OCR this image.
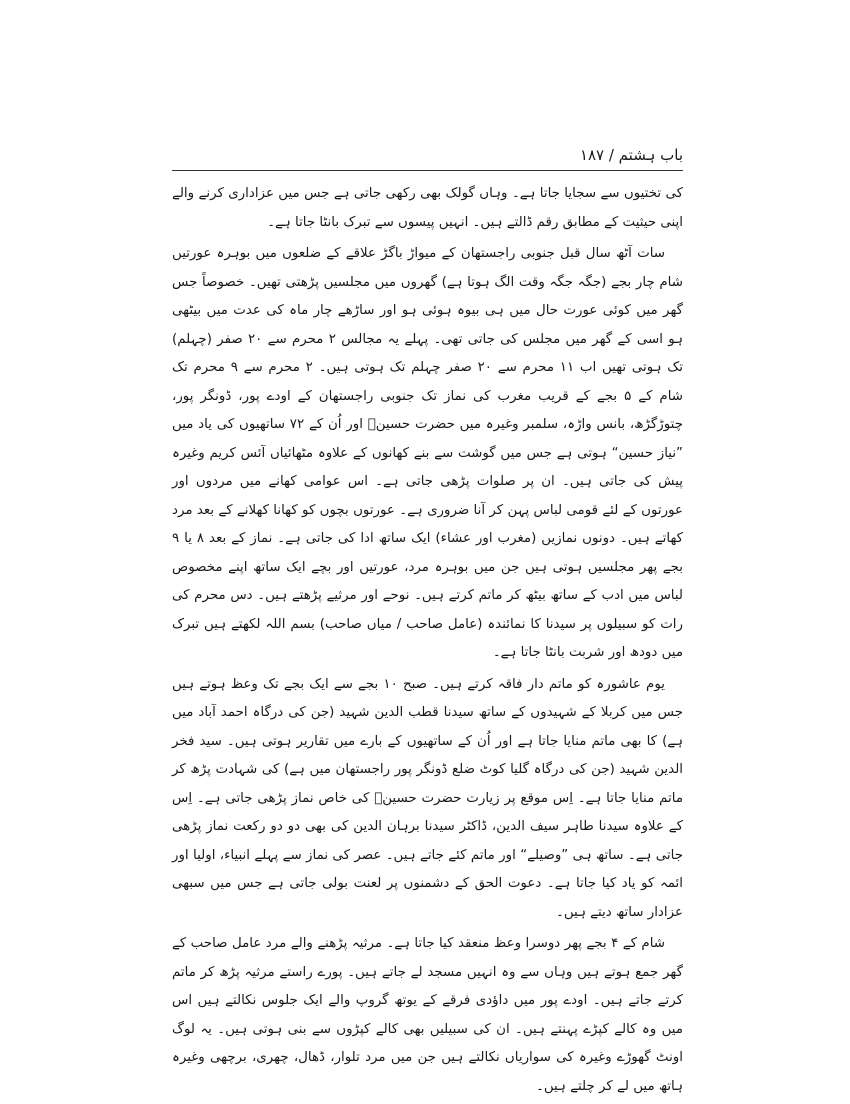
باب ہشتم / ۱۸۷

کی تختیوں سے سجایا جاتا ہے۔ وہاں گولک بھی رکھی جاتی ہے جس میں عزاداری کرنے والے اپنی حیثیت کے مطابق رقم ڈالتے ہیں۔ انہیں پیسوں سے تبرک بانٹا جاتا ہے۔

سات آٹھ سال قبل جنوبی راجستھان کے میواڑ باگڑ علاقے کے ضلعوں میں بوہرہ عورتیں شام چار بجے (جگہ جگہ وقت الگ ہوتا ہے) گھروں میں مجلسیں پڑھتی تھیں۔ خصوصاً جس گھر میں کوئی عورت حال میں ہی بیوہ ہوئی ہو اور ساڑھے چار ماہ کی عدت میں بیٹھی ہو اسی کے گھر میں مجلس کی جاتی تھی۔ پہلے یہ مجالس ۲ محرم سے ۲۰ صفر (چہلم) تک ہوتی تھیں اب ۱۱ محرم سے ۲۰ صفر چہلم تک ہوتی ہیں۔ ۲ محرم سے ۹ محرم تک شام کے ۵ بجے کے قریب مغرب کی نماز تک جنوبی راجستھان کے اودے پور، ڈونگر پور، چتوڑگڑھ، بانس واڑہ، سلمبر وغیرہ میں حضرت حسینؑ اور اُن کے ۷۲ ساتھیوں کی یاد میں ”نیاز حسین“ ہوتی ہے جس میں گوشت سے بنے کھانوں کے علاوہ مٹھائیاں آئس کریم وغیرہ پیش کی جاتی ہیں۔ ان پر صلوات پڑھی جاتی ہے۔ اس عوامی کھانے میں مردوں اور عورتوں کے لئے قومی لباس پہن کر آنا ضروری ہے۔ عورتوں بچوں کو کھانا کھلانے کے بعد مرد کھاتے ہیں۔ دونوں نمازیں (مغرب اور عشاء) ایک ساتھ ادا کی جاتی ہے۔ نماز کے بعد ۸ یا ۹ بجے پھر مجلسیں ہوتی ہیں جن میں بوہرہ مرد، عورتیں اور بچے ایک ساتھ اپنے مخصوص لباس میں ادب کے ساتھ بیٹھ کر ماتم کرتے ہیں۔ نوحے اور مرثیے پڑھتے ہیں۔ دس محرم کی رات کو سبیلوں پر سیدنا کا نمائندہ (عامل صاحب / میاں صاحب) بسم اللہ لکھتے ہیں تبرک میں دودھ اور شربت بانٹا جاتا ہے۔

یوم عاشورہ کو ماتم دار فاقہ کرتے ہیں۔ صبح ۱۰ بجے سے ایک بجے تک وعظ ہوتے ہیں جس میں کربلا کے شہیدوں کے ساتھ سیدنا قطب الدین شہید (جن کی درگاہ احمد آباد میں ہے) کا بھی ماتم منایا جاتا ہے اور اُن کے ساتھیوں کے بارے میں تقاریر ہوتی ہیں۔ سید فخر الدین شہید (جن کی درگاہ گلیا کوٹ ضلع ڈونگر پور راجستھان میں ہے) کی شہادت پڑھ کر ماتم منایا جاتا ہے۔ اِس موقع پر زیارت حضرت حسینؑ کی خاص نماز پڑھی جاتی ہے۔ اِس کے علاوہ سیدنا طاہر سیف الدین، ڈاکٹر سیدنا برہان الدین کی بھی دو دو رکعت نماز پڑھی جاتی ہے۔ ساتھ ہی ”وصیلے“ اور ماتم کئے جاتے ہیں۔ عصر کی نماز سے پہلے انبیاء، اولیا اور ائمہ کو یاد کیا جاتا ہے۔ دعوت الحق کے دشمنوں پر لعنت بولی جاتی ہے جس میں سبھی عزادار ساتھ دیتے ہیں۔

شام کے ۴ بجے پھر دوسرا وعظ منعقد کیا جاتا ہے۔ مرثیہ پڑھنے والے مرد عامل صاحب کے گھر جمع ہوتے ہیں وہاں سے وہ انہیں مسجد لے جاتے ہیں۔ پورے راستے مرثیہ پڑھ کر ماتم کرتے جاتے ہیں۔ اودے پور میں داؤدی فرقے کے یوتھ گروپ والے ایک جلوس نکالتے ہیں اس میں وہ کالے کپڑے پہنتے ہیں۔ ان کی سبیلیں بھی کالے کپڑوں سے بنی ہوتی ہیں۔ یہ لوگ اونٹ گھوڑے وغیرہ کی سواریاں نکالتے ہیں جن میں مرد تلوار، ڈھال، چھری، برچھی وغیرہ ہاتھ میں لے کر چلتے ہیں۔
